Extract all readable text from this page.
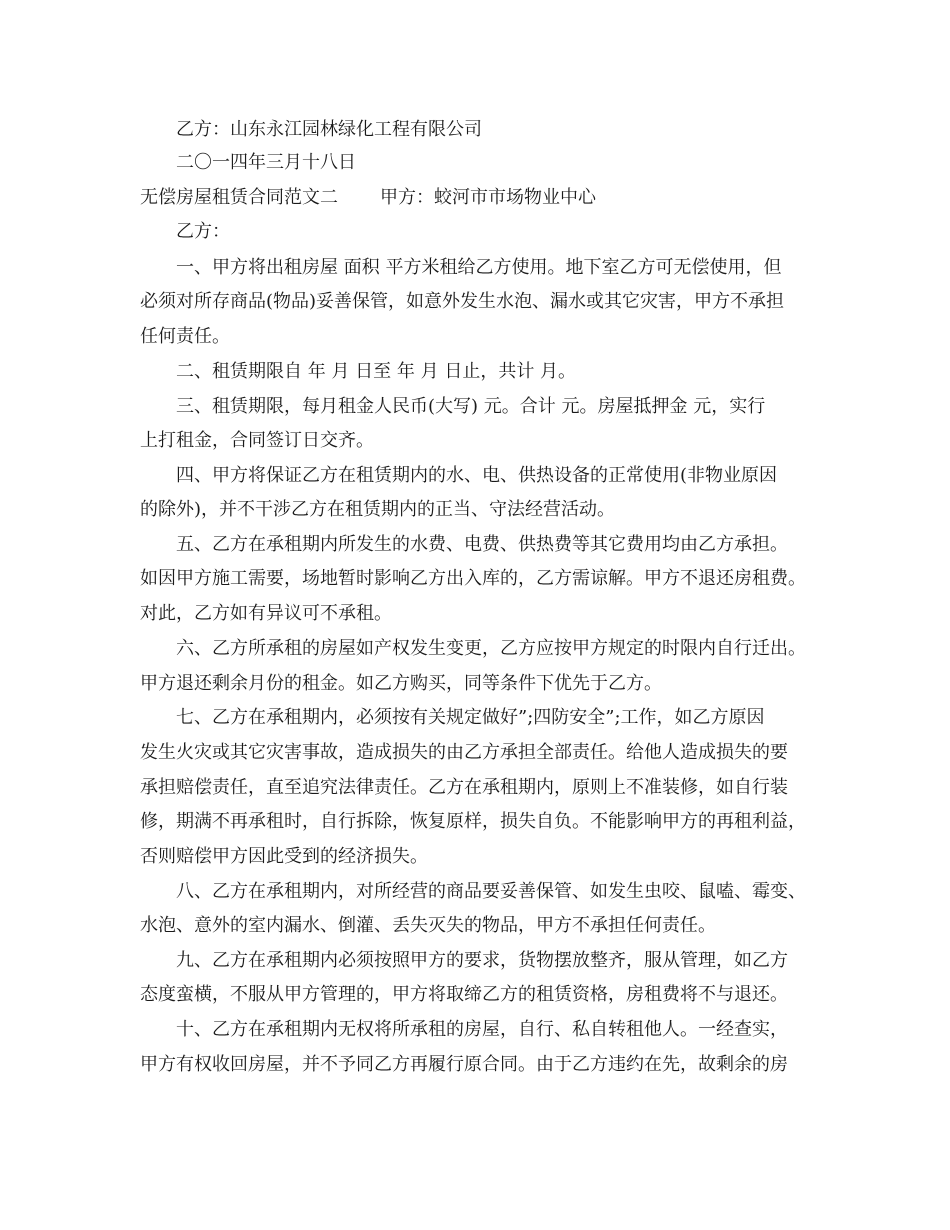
乙方：山东永江园林绿化工程有限公司
二〇一四年三月十八日
无偿房屋租赁合同范文二 甲方：蛟河市市场物业中心
乙方：
一、甲方将出租房屋 面积 平方米租给乙方使用。地下室乙方可无偿使用，但
必须对所存商品(物品)妥善保管，如意外发生水泡、漏水或其它灾害，甲方不承担
任何责任。
二、租赁期限自 年 月 日至 年 月 日止，共计 月。
三、租赁期限，每月租金人民币(大写) 元。合计 元。房屋抵押金 元，实行
上打租金，合同签订日交齐。
四、甲方将保证乙方在租赁期内的水、电、供热设备的正常使用(非物业原因
的除外)，并不干涉乙方在租赁期内的正当、守法经营活动。
五、乙方在承租期内所发生的水费、电费、供热费等其它费用均由乙方承担。
如因甲方施工需要，场地暂时影响乙方出入库的，乙方需谅解。甲方不退还房租费。
对此，乙方如有异议可不承租。
六、乙方所承租的房屋如产权发生变更，乙方应按甲方规定的时限内自行迁出。
甲方退还剩余月份的租金。如乙方购买，同等条件下优先于乙方。
七、乙方在承租期内，必须按有关规定做好”;四防安全”;工作，如乙方原因
发生火灾或其它灾害事故，造成损失的由乙方承担全部责任。给他人造成损失的要
承担赔偿责任，直至追究法律责任。乙方在承租期内，原则上不准装修，如自行装
修，期满不再承租时，自行拆除，恢复原样，损失自负。不能影响甲方的再租利益，
否则赔偿甲方因此受到的经济损失。
八、乙方在承租期内，对所经营的商品要妥善保管、如发生虫咬、鼠嗑、霉变、
水泡、意外的室内漏水、倒灌、丢失灭失的物品，甲方不承担任何责任。
九、乙方在承租期内必须按照甲方的要求，货物摆放整齐，服从管理，如乙方
态度蛮横，不服从甲方管理的，甲方将取缔乙方的租赁资格，房租费将不与退还。
十、乙方在承租期内无权将所承租的房屋，自行、私自转租他人。一经查实，
甲方有权收回房屋，并不予同乙方再履行原合同。由于乙方违约在先，故剩余的房
